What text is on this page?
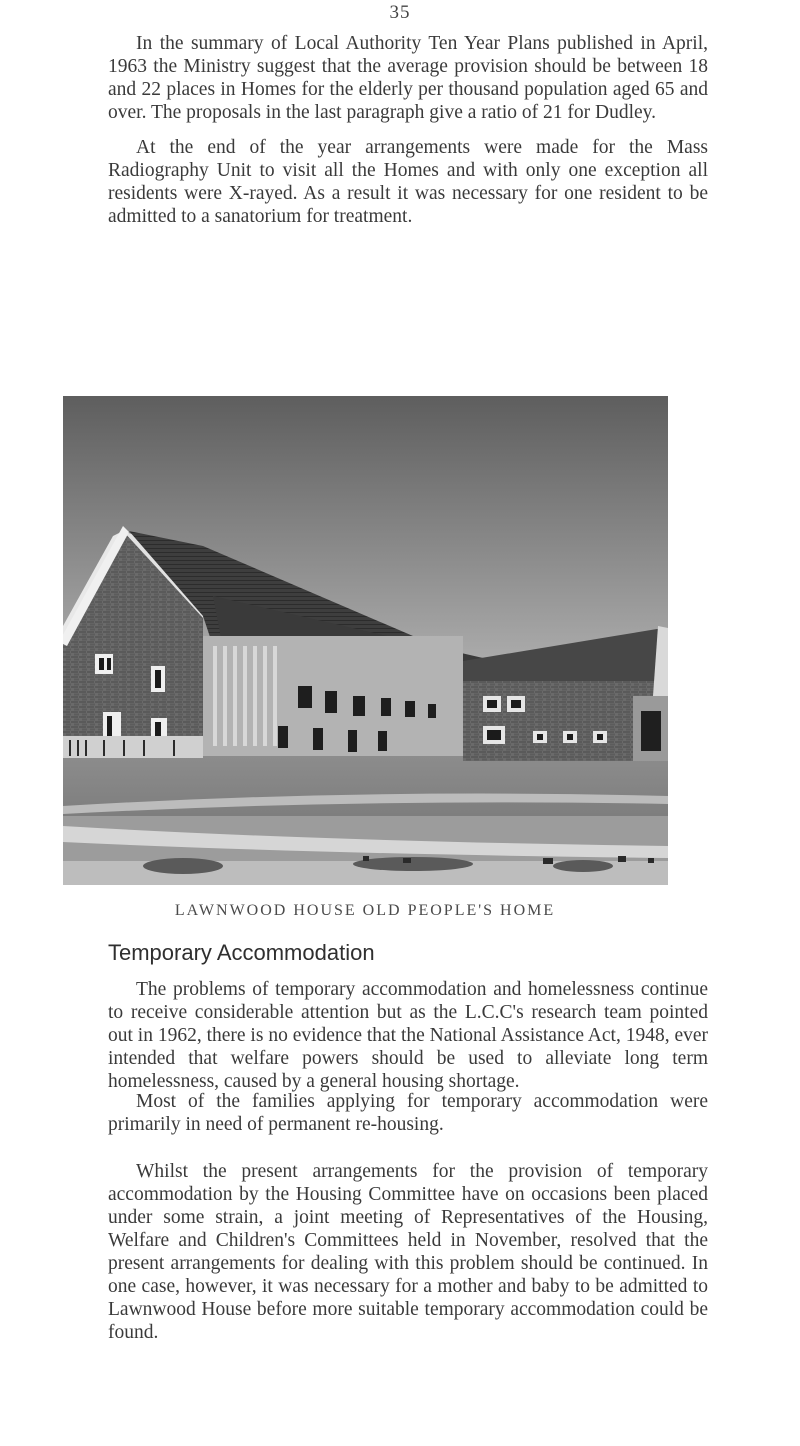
35

In the summary of Local Authority Ten Year Plans published in April, 1963 the Ministry suggest that the average provision should be between 18 and 22 places in Homes for the elderly per thousand population aged 65 and over. The proposals in the last paragraph give a ratio of 21 for Dudley.

At the end of the year arrangements were made for the Mass Radiography Unit to visit all the Homes and with only one exception all residents were X-rayed. As a result it was necessary for one resident to be admitted to a sanatorium for treatment.

LAWNWOOD HOUSE OLD PEOPLE'S HOME
Temporary Accommodation

The problems of temporary accommodation and homelessness continue to receive considerable attention but as the L.C.C's research team pointed out in 1962, there is no evidence that the National Assistance Act, 1948, ever intended that welfare powers should be used to alleviate long term homelessness, caused by a general housing shortage.

Most of the families applying for temporary accommodation were primarily in need of permanent re-housing.

Whilst the present arrangements for the provision of temporary accommodation by the Housing Committee have on occasions been placed under some strain, a joint meeting of Representatives of the Housing, Welfare and Children's Committees held in November, resolved that the present arrangements for dealing with this problem should be continued. In one case, however, it was necessary for a mother and baby to be admitted to Lawnwood House before more suitable temporary accommodation could be found.
